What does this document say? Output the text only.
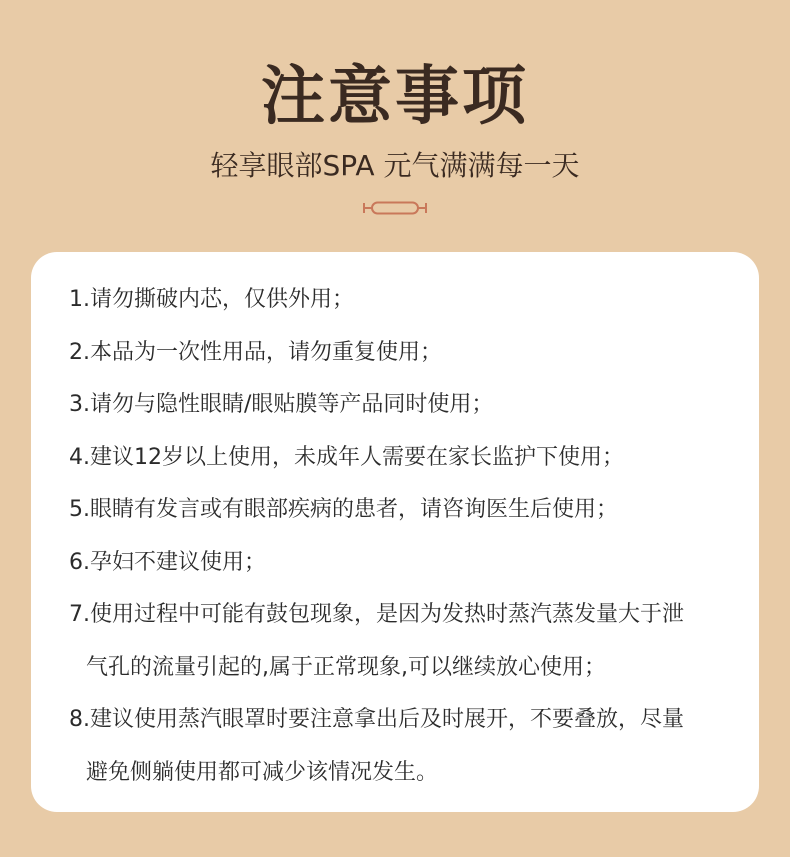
注意事项
轻享眼部SPA 元气满满每一天
1.请勿撕破内芯，仅供外用；
2.本品为一次性用品，请勿重复使用；
3.请勿与隐性眼睛/眼贴膜等产品同时使用；
4.建议12岁以上使用，未成年人需要在家长监护下使用；
5.眼睛有发言或有眼部疾病的患者，请咨询医生后使用；
6.孕妇不建议使用；
7.使用过程中可能有鼓包现象，是因为发热时蒸汽蒸发量大于泄
气孔的流量引起的,属于正常现象,可以继续放心使用；
8.建议使用蒸汽眼罩时要注意拿出后及时展开，不要叠放，尽量
避免侧躺使用都可减少该情况发生。
